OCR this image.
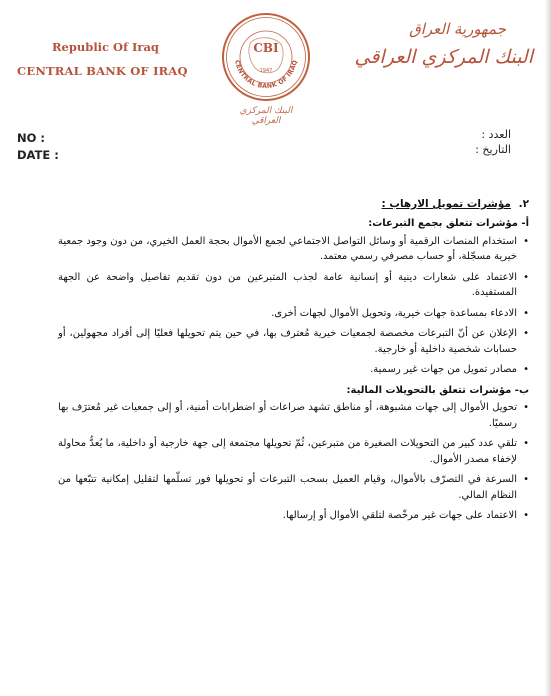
Republic Of Iraq
CENTRAL BANK OF IRAQ
جمهورية العراق
البنك المركزي العراقي
CBI
CENTRAL BANK OF IRAQ
1947
البنك المركزي العراقي
NO :
DATE :
العدد :
التاريخ :
٢. مؤشرات تمويل الارهاب :
أ- مؤشرات تتعلق بجمع التبرعات:
•
استخدام المنصات الرقمية أو وسائل التواصل الاجتماعي لجمع الأموال بحجة العمل الخيري، من دون وجود جمعية خيرية مسجّلة، أو حساب مصرفي رسمي معتمد.
•
الاعتماد على شعارات دينية أو إنسانية عامة لجذب المتبرعين من دون تقديم تفاصيل واضحة عن الجهة المستفيدة.
•
الادعاء بمساعدة جهات خيرية، وتحويل الأموال لجهات أخرى.
•
الإعلان عن أنّ التبرعات مخصصة لجمعيات خيرية مُعترف بها، في حين يتم تحويلها فعليًا إلى أفراد مجهولين، أو حسابات شخصية داخلية أو خارجية.
•
مصادر تمويل من جهات غير رسمية.
ب- مؤشرات تتعلق بالتحويلات المالية:
•
تحويل الأموال إلى جهات مشبوهة، أو مناطق تشهد صراعات أو اضطرابات أمنية، أو إلى جمعيات غير مُعترَف بها رسميًا.
•
تلقي عدد كبير من التحويلات الصغيرة من متبرعين، ثُمّ تحويلها مجتمعة إلى جهة خارجية أو داخلية، ما يُعدُّ محاولة لإخفاء مصدر الأموال.
•
السرعة في التصرّف بالأموال، وقيام العميل بسحب التبرعات أو تحويلها فور تسلّمها لتقليل إمكانية تتبّعها من النظام المالي.
•
الاعتماد على جهات غير مرخّصة لتلقي الأموال أو إرسالها.
